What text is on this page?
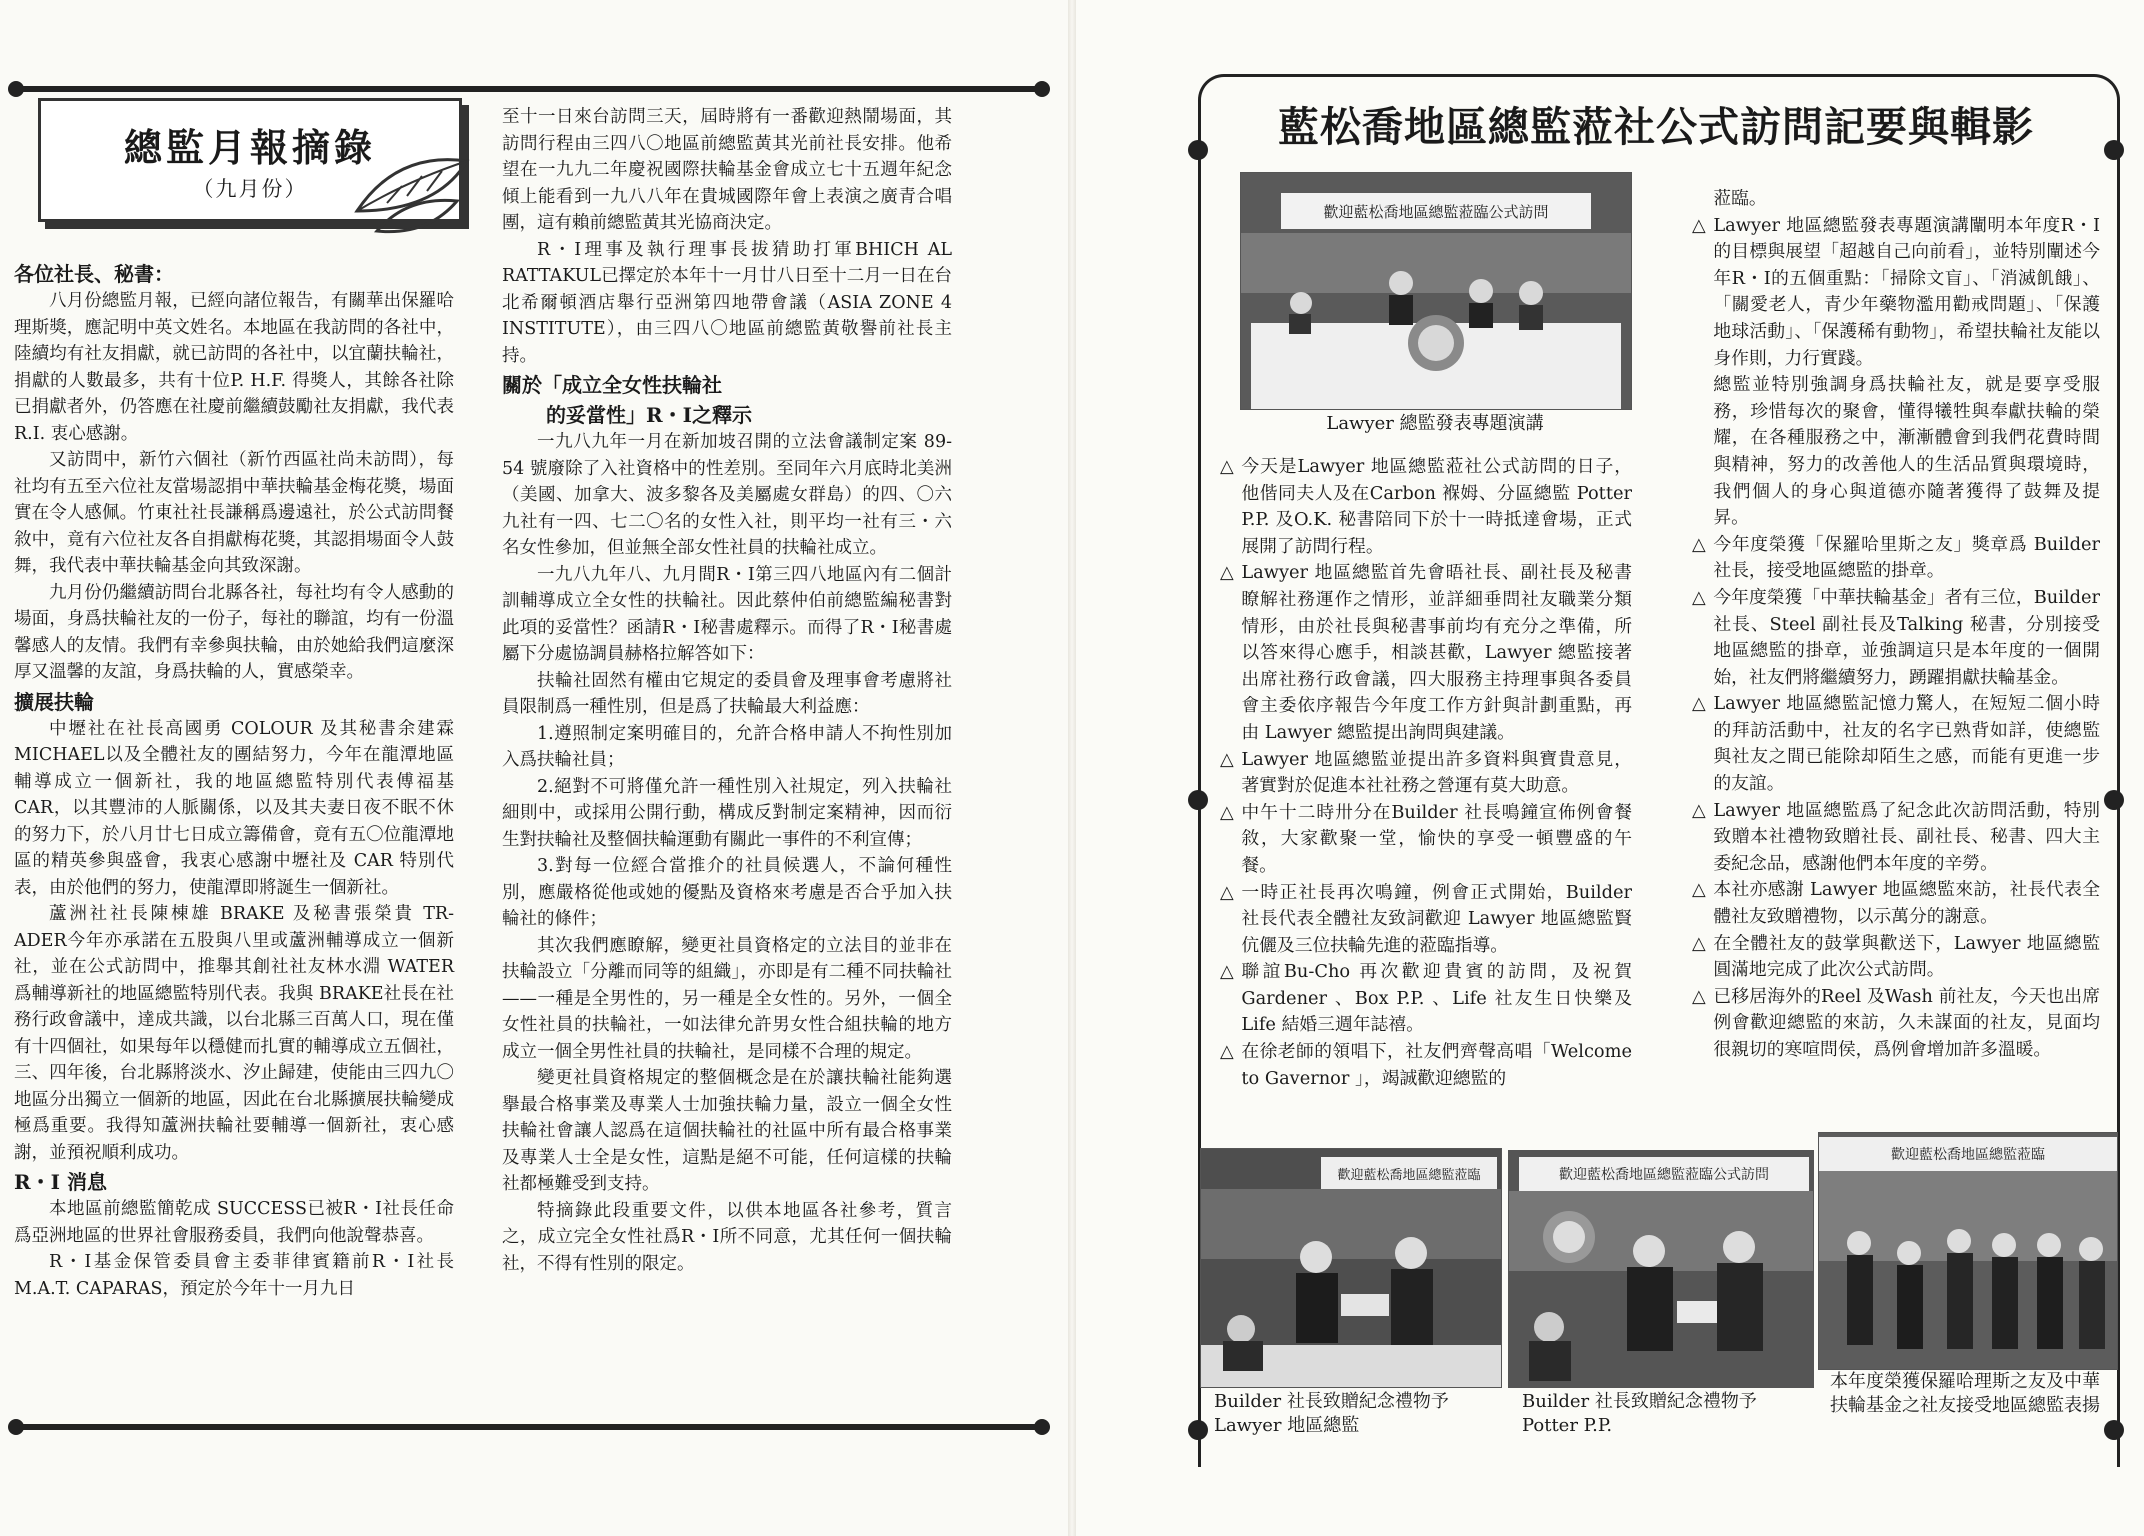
總監月報摘錄
（九月份）
各位社長、秘書：

八月份總監月報，已經向諸位報告，有關華出保羅哈理斯獎，應記明中英文姓名。本地區在我訪問的各社中，陸續均有社友捐獻，就已訪問的各社中，以宜蘭扶輪社，捐獻的人數最多，共有十位P. H.F. 得獎人，其餘各社除已捐獻者外，仍答應在社慶前繼續鼓勵社友捐獻，我代表R.I. 衷心感謝。

又訪問中，新竹六個社（新竹西區社尚未訪問），每社均有五至六位社友當場認捐中華扶輪基金梅花獎，場面實在令人感佩。竹東社社長謙稱爲邊遠社，於公式訪問餐敘中，竟有六位社友各自捐獻梅花獎，其認捐場面令人鼓舞，我代表中華扶輪基金向其致深謝。

九月份仍繼續訪問台北縣各社，每社均有令人感動的場面，身爲扶輪社友的一份子，每社的聯誼，均有一份溫馨感人的友情。我們有幸參與扶輪，由於她給我們這麼深厚又溫馨的友誼，身爲扶輪的人，實感榮幸。

擴展扶輪

中壢社在社長高國勇 COLOUR 及其秘書余建霖MICHAEL以及全體社友的團結努力，今年在龍潭地區輔導成立一個新社，我的地區總監特別代表傅福基 CAR，以其豐沛的人脈關係，以及其夫妻日夜不眠不休的努力下，於八月廿七日成立籌備會，竟有五〇位龍潭地區的精英參與盛會，我衷心感謝中壢社及 CAR 特別代表，由於他們的努力，使龍潭即將誕生一個新社。

蘆洲社社長陳棟雄 BRAKE 及秘書張榮貴 TR- ADER今年亦承諾在五股與八里或蘆洲輔導成立一個新社，並在公式訪問中，推舉其創社社友林水淵 WATER 爲輔導新社的地區總監特別代表。我與 BRAKE社長在社務行政會議中，達成共識，以台北縣三百萬人口，現在僅有十四個社，如果每年以穩健而扎實的輔導成立五個社，三、四年後，台北縣將淡水、汐止歸建，使能由三四九〇地區分出獨立一個新的地區，因此在台北縣擴展扶輪變成極爲重要。我得知蘆洲扶輪社要輔導一個新社，衷心感謝，並預祝順利成功。

R・I 消息

本地區前總監簡乾成 SUCCESS已被R・I社長任命爲亞洲地區的世界社會服務委員，我們向他說聲恭喜。

R・I基金保管委員會主委菲律賓籍前R・I社長M.A.T. CAPARAS，預定於今年十一月九日

至十一日來台訪問三天，屆時將有一番歡迎熱鬧場面，其訪問行程由三四八〇地區前總監黃其光前社長安排。他希望在一九九二年慶祝國際扶輪基金會成立七十五週年紀念傾上能看到一九八八年在貴城國際年會上表演之廣青合唱團，這有賴前總監黃其光協商決定。

R・I理事及執行理事長拔猜助打軍BHICH AL RATTAKUL已擇定於本年十一月廿八日至十二月一日在台北希爾頓酒店舉行亞洲第四地帶會議（ASIA ZONE 4 INSTITUTE），由三四八〇地區前總監黃敬譽前社長主持。

關於「成立全女性扶輪社
的妥當性」R・I之釋示

一九八九年一月在新加坡召開的立法會議制定案 89-54 號廢除了入社資格中的性差別。至同年六月底時北美洲（美國、加拿大、波多黎各及美屬處女群島）的四、〇六九社有一四、七二〇名的女性入社，則平均一社有三・六名女性參加，但並無全部女性社員的扶輪社成立。

一九八九年八、九月間R・I第三四八地區內有二個計訓輔導成立全女性的扶輪社。因此蔡仲伯前總監編秘書對此項的妥當性？函請R・I秘書處釋示。而得了R・I秘書處屬下分處協調員赫格拉解答如下：

扶輪社固然有權由它規定的委員會及理事會考慮將社員限制爲一種性別，但是爲了扶輪最大利益應：

1.遵照制定案明確目的，允許合格申請人不拘性別加入爲扶輪社員；

2.絕對不可將僅允許一種性別入社規定，列入扶輪社細則中，或採用公開行動，構成反對制定案精神，因而衍生對扶輪社及整個扶輪運動有關此一事件的不利宣傳；

3.對每一位經合當推介的社員候選人，不論何種性別，應嚴格從他或她的優點及資格來考慮是否合乎加入扶輪社的條件；

其次我們應瞭解，變更社員資格定的立法目的並非在扶輪設立「分離而同等的組織」，亦即是有二種不同扶輪社——一種是全男性的，另一種是全女性的。另外，一個全女性社員的扶輪社，一如法律允許男女性合組扶輪的地方成立一個全男性社員的扶輪社，是同樣不合理的規定。

變更社員資格規定的整個概念是在於讓扶輪社能夠選擧最合格事業及專業人士加強扶輪力量，設立一個全女性扶輪社會讓人認爲在這個扶輪社的社區中所有最合格事業及專業人士全是女性，這點是絕不可能，任何這樣的扶輪社都極難受到支持。

特摘錄此段重要文件，以供本地區各社參考，質言之，成立完全女性社爲R・I所不同意，尤其任何一個扶輪社，不得有性別的限定。

藍松喬地區總監蒞社公式訪問記要與輯影
歡迎藍松喬地區總監蒞臨公式訪問
Lawyer 總監發表專題演講

△ 今天是Lawyer 地區總監蒞社公式訪問的日子，他偕同夫人及在Carbon 褓姆、分區總監 Potter P.P. 及O.K. 秘書陪同下於十一時抵達會場，正式展開了訪問行程。

△ Lawyer 地區總監首先會晤社長、副社長及秘書瞭解社務運作之情形，並詳細垂問社友職業分類情形，由於社長與秘書事前均有充分之準備，所以答來得心應手，相談甚歡，Lawyer 總監接著出席社務行政會議，四大服務主持理事與各委員會主委依序報告今年度工作方針與計劃重點，再由 Lawyer 總監提出詢問與建議。

△ Lawyer 地區總監並提出許多資料與寶貴意見，著實對於促進本社社務之營運有莫大助意。

△ 中午十二時卅分在Builder 社長鳴鐘宣佈例會餐敘，大家歡聚一堂，愉快的享受一頓豐盛的午餐。

△ 一時正社長再次鳴鐘，例會正式開始，Builder 社長代表全體社友致詞歡迎 Lawyer 地區總監賢伉儷及三位扶輪先進的蒞臨指導。

△ 聯誼Bu-Cho 再次歡迎貴賓的訪問，及祝賀 Gardener 、Box P.P. 、Life 社友生日快樂及Life 結婚三週年誌禧。

△ 在徐老師的領唱下，社友們齊聲高唱「Welcome to Gavernor 」，竭誠歡迎總監的

蒞臨。

△ Lawyer 地區總監發表專題演講闡明本年度R・I的目標與展望「超越自己向前看」，並特別闡述今年R・I的五個重點：「掃除文盲」、「消滅飢餓」、「關愛老人，青少年藥物濫用勸戒問題」、「保護地球活動」、「保護稀有動物」，希望扶輪社友能以身作則，力行實踐。

總監並特別強調身爲扶輪社友，就是要享受服務，珍惜每次的聚會，懂得犧牲與奉獻扶輪的榮耀，在各種服務之中，漸漸體會到我們花費時間與精神，努力的改善他人的生活品質與環境時，我們個人的身心與道德亦隨著獲得了鼓舞及提昇。

△ 今年度榮獲「保羅哈里斯之友」獎章爲 Builder 社長，接受地區總監的掛章。

△ 今年度榮獲「中華扶輪基金」者有三位，Builder 社長、Steel 副社長及Talking 秘書，分別接受地區總監的掛章，並強調這只是本年度的一個開始，社友們將繼續努力，踴躍捐獻扶輪基金。

△ Lawyer 地區總監記憶力驚人，在短短二個小時的拜訪活動中，社友的名字已熟背如詳，使總監與社友之間已能除却陌生之感，而能有更進一步的友誼。

△ Lawyer 地區總監爲了紀念此次訪問活動，特別致贈本社禮物致贈社長、副社長、秘書、四大主委紀念品，感謝他們本年度的辛勞。

△ 本社亦感謝 Lawyer 地區總監來訪，社長代表全體社友致贈禮物，以示萬分的謝意。

△ 在全體社友的鼓掌與歡送下，Lawyer 地區總監圓滿地完成了此次公式訪問。

△ 已移居海外的Reel 及Wash 前社友，今天也出席例會歡迎總監的來訪，久未謀面的社友，見面均很親切的寒喧問侯，爲例會增加許多溫暖。

歡迎藍松喬地區總監蒞臨	歡迎藍松喬地區總監蒞臨公式訪問
歡迎藍松喬地區總監蒞臨
Builder 社長致贈紀念禮物予 Lawyer 地區總監
Builder 社長致贈紀念禮物予 Potter P.P.
本年度榮獲保羅哈理斯之友及中華扶輪基金之社友接受地區總監表揚
